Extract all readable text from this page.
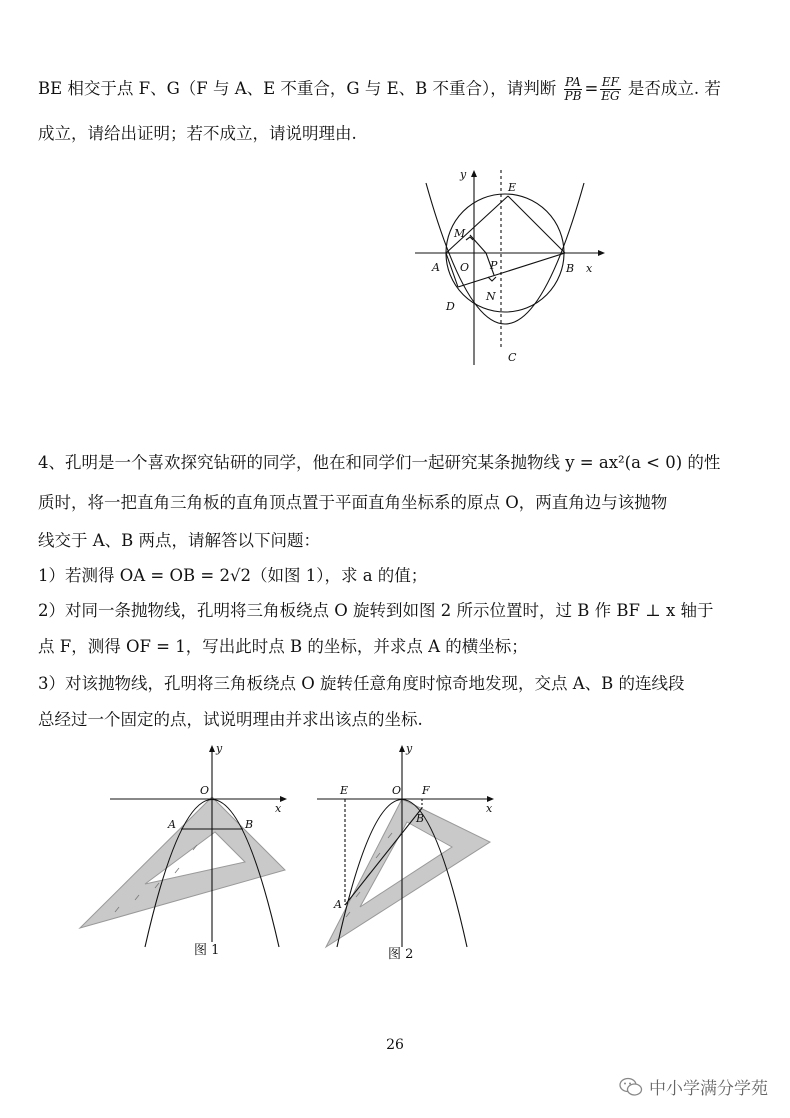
BE 相交于点 F、G（F 与 A、E 不重合，G 与 E、B 不重合），请判断 $\frac{PA}{PB} = \frac{EF}{EG}$ 是否成立. 若
成立，请给出证明；若不成立，请说明理由.
y
E
M
A O P	B x
N
D
C
4、孔明是一个喜欢探究钻研的同学，他在和同学们一起研究某条抛物线 y = ax²(a < 0) 的性
质时，将一把直角三角板的直角顶点置于平面直角坐标系的原点 O，两直角边与该抛物
线交于 A、B 两点，请解答以下问题：
1）若测得 OA = OB = 2√2（如图 1），求 a 的值；
2）对同一条抛物线，孔明将三角板绕点 O 旋转到如图 2 所示位置时，过 B 作 BF ⊥ x 轴于
点 F，测得 OF = 1，写出此时点 B 的坐标，并求点 A 的横坐标；
3）对该抛物线，孔明将三角板绕点 O 旋转任意角度时惊奇地发现，交点 A、B 的连线段
总经过一个固定的点，试说明理由并求出该点的坐标.
y
O
x
A	B
图 1
y
E	O F
x
B
A
图 2
26
中小学满分学苑
